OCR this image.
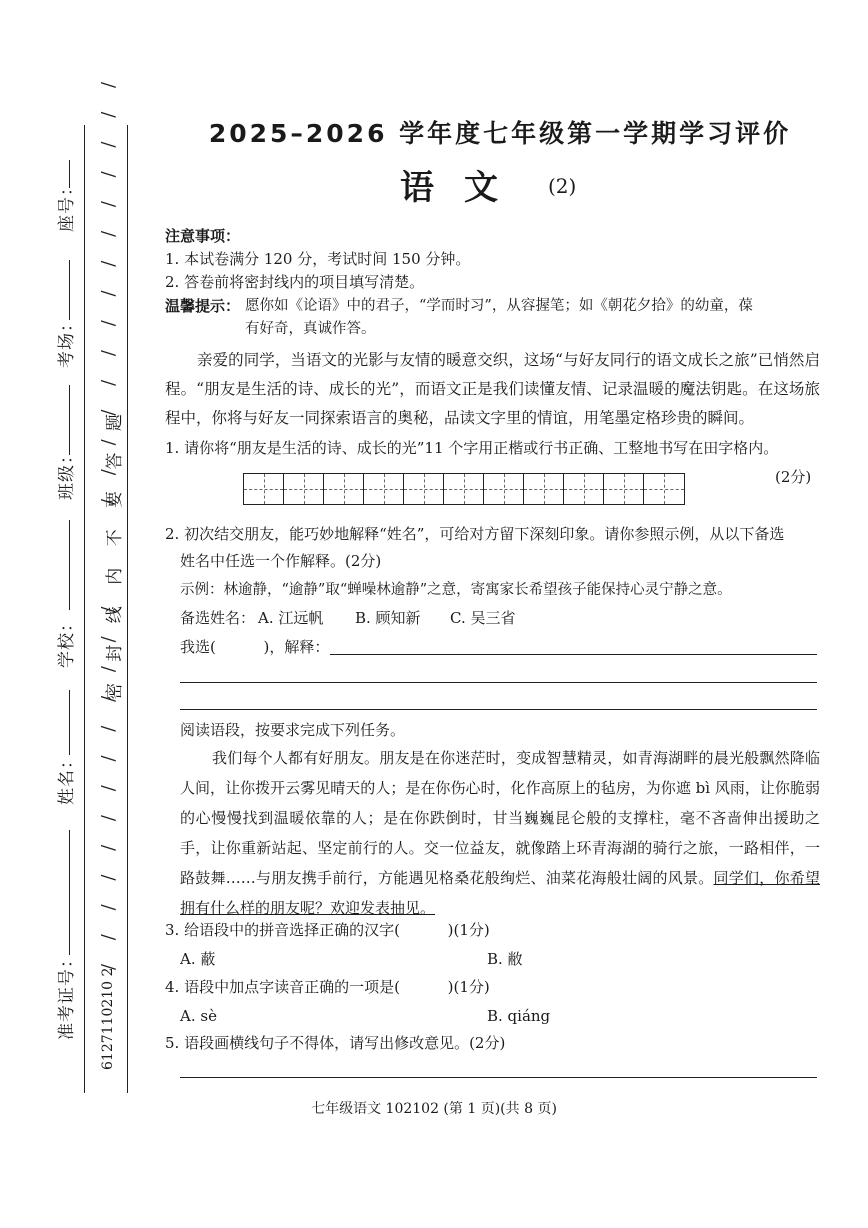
座号：
考场：
班级：
学校：
姓名：
准考证号：
/ / / / / / / / / / / / / / /
密 封 线 内 不 要 答 题
/ / / / / / / / / / / / /
6127110210 2
2025–2026 学年度七年级第一学期学习评价
语文 (2)
注意事项：
1. 本试卷满分 120 分，考试时间 150 分钟。
2. 答卷前将密封线内的项目填写清楚。
温馨提示： 愿你如《论语》中的君子，“学而时习”，从容握笔；如《朝花夕拾》的幼童，葆
有好奇，真诚作答。
亲爱的同学，当语文的光影与友情的暖意交织，这场“与好友同行的语文成长之旅”已悄然启程。“朋友是生活的诗、成长的光”，而语文正是我们读懂友情、记录温暖的魔法钥匙。在这场旅程中，你将与好友一同探索语言的奥秘，品读文字里的情谊，用笔墨定格珍贵的瞬间。
1. 请你将“朋友是生活的诗、成长的光”11 个字用正楷或行书正确、工整地书写在田字格内。
(2分)
2. 初次结交朋友，能巧妙地解释“姓名”，可给对方留下深刻印象。请你参照示例，从以下备选
姓名中任选一个作解释。(2分)
示例：林逾静，“逾静”取“蝉噪林逾静”之意，寄寓家长希望孩子能保持心灵宁静之意。
备选姓名： A. 江远帆 B. 顾知新 C. 吴三省
我选(          )，解释：
阅读语段，按要求完成下列任务。
我们每个人都有好朋友。朋友是在你迷茫时，变成智慧精灵，如青海湖畔的晨光般飘然降临人间，让你拨开云雾见晴天的人；是在你伤心时，化作高原上的毡房，为你遮 bì 风雨，让你脆弱的心慢慢找到温暖依靠的人；是在你跌倒时，甘当巍巍昆仑般的支撑柱，毫不吝啬伸出援助之手，让你重新站起、坚定前行的人。交一位益友，就像踏上环青海湖的骑行之旅，一路相伴，一路鼓舞……与朋友携手前行，方能遇见格桑花般绚烂、油菜花海般壮阔的风景。同学们，你希望拥有什么样的朋友呢？欢迎发表抽见。
3. 给语段中的拼音选择正确的汉字(          )(1分)
A. 蔽	B. 敝
4. 语段中加点字读音正确的一项是(          )(1分)
A. sè	B. qiáng
5. 语段画横线句子不得体，请写出修改意见。(2分)
七年级语文 102102 (第 1 页)(共 8 页)
